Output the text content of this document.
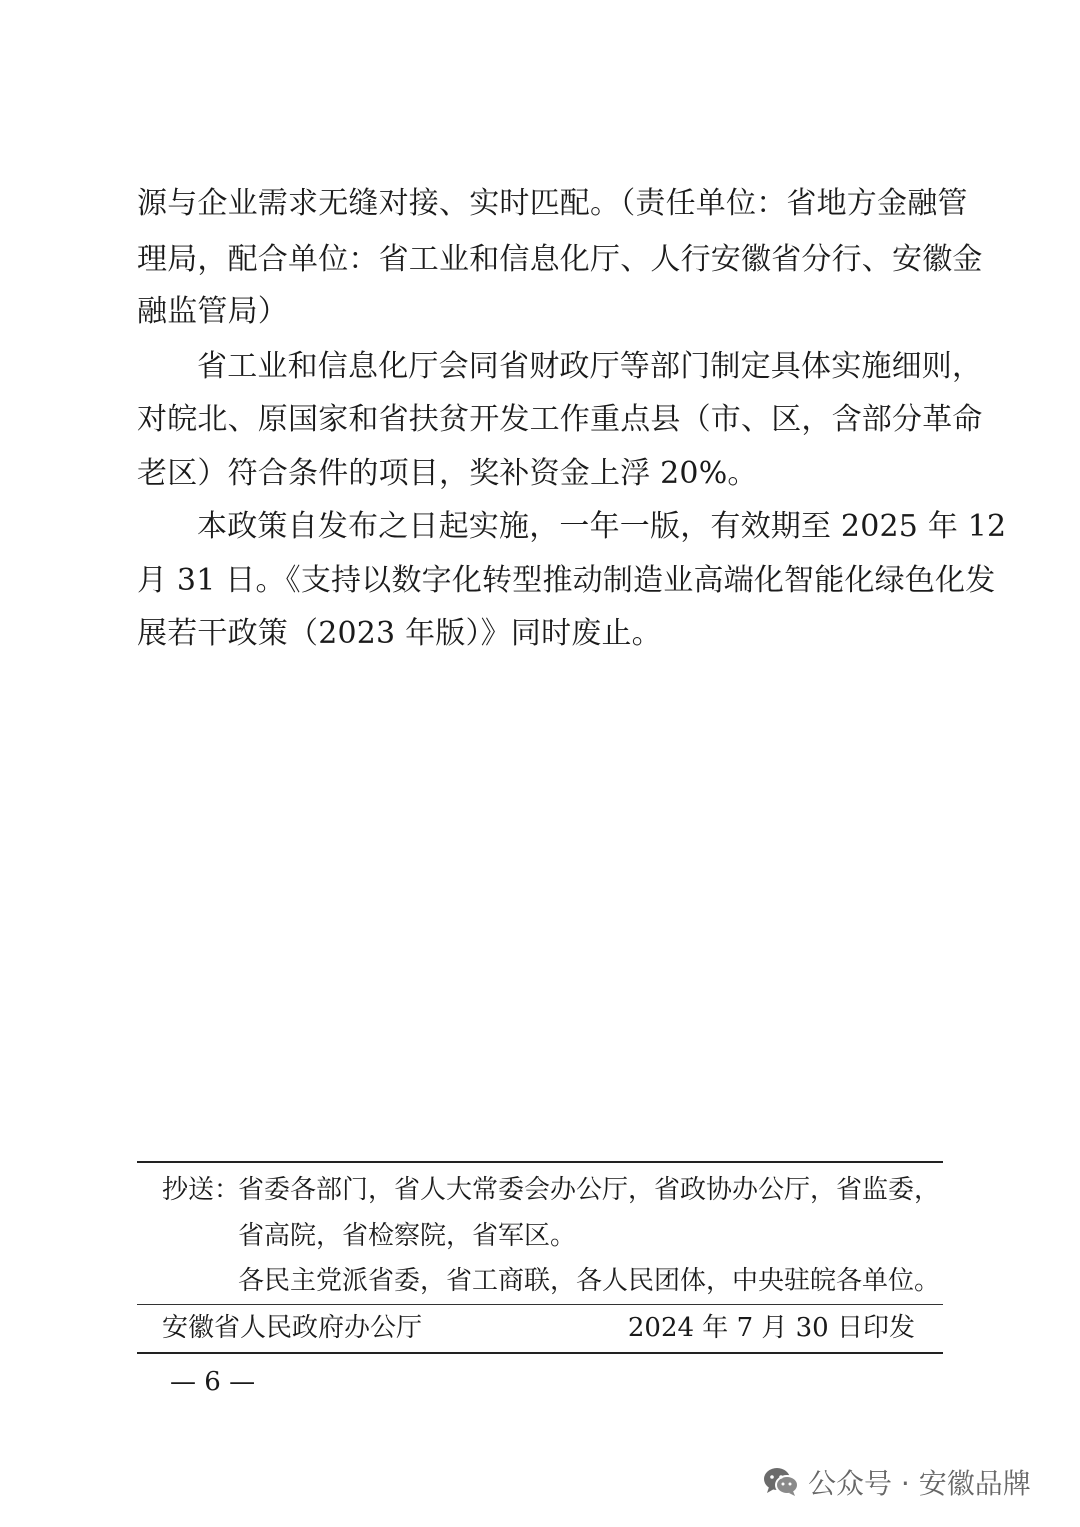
源与企业需求无缝对接、实时匹配。（责任单位：省地方金融管
理局，配合单位：省工业和信息化厅、人行安徽省分行、安徽金
融监管局）
省工业和信息化厅会同省财政厅等部门制定具体实施细则，
对皖北、原国家和省扶贫开发工作重点县（市、区，含部分革命
老区）符合条件的项目，奖补资金上浮 20%。
本政策自发布之日起实施，一年一版，有效期至 2025 年 12
月 31 日。《支持以数字化转型推动制造业高端化智能化绿色化发
展若干政策（2023 年版）》同时废止。
抄送：
省委各部门，省人大常委会办公厅，省政协办公厅，省监委，
省高院，省检察院，省军区。
各民主党派省委，省工商联，各人民团体，中央驻皖各单位。
安徽省人民政府办公厅	2024 年 7 月 30 日印发
— 6 —
公众号 · 安徽品牌
